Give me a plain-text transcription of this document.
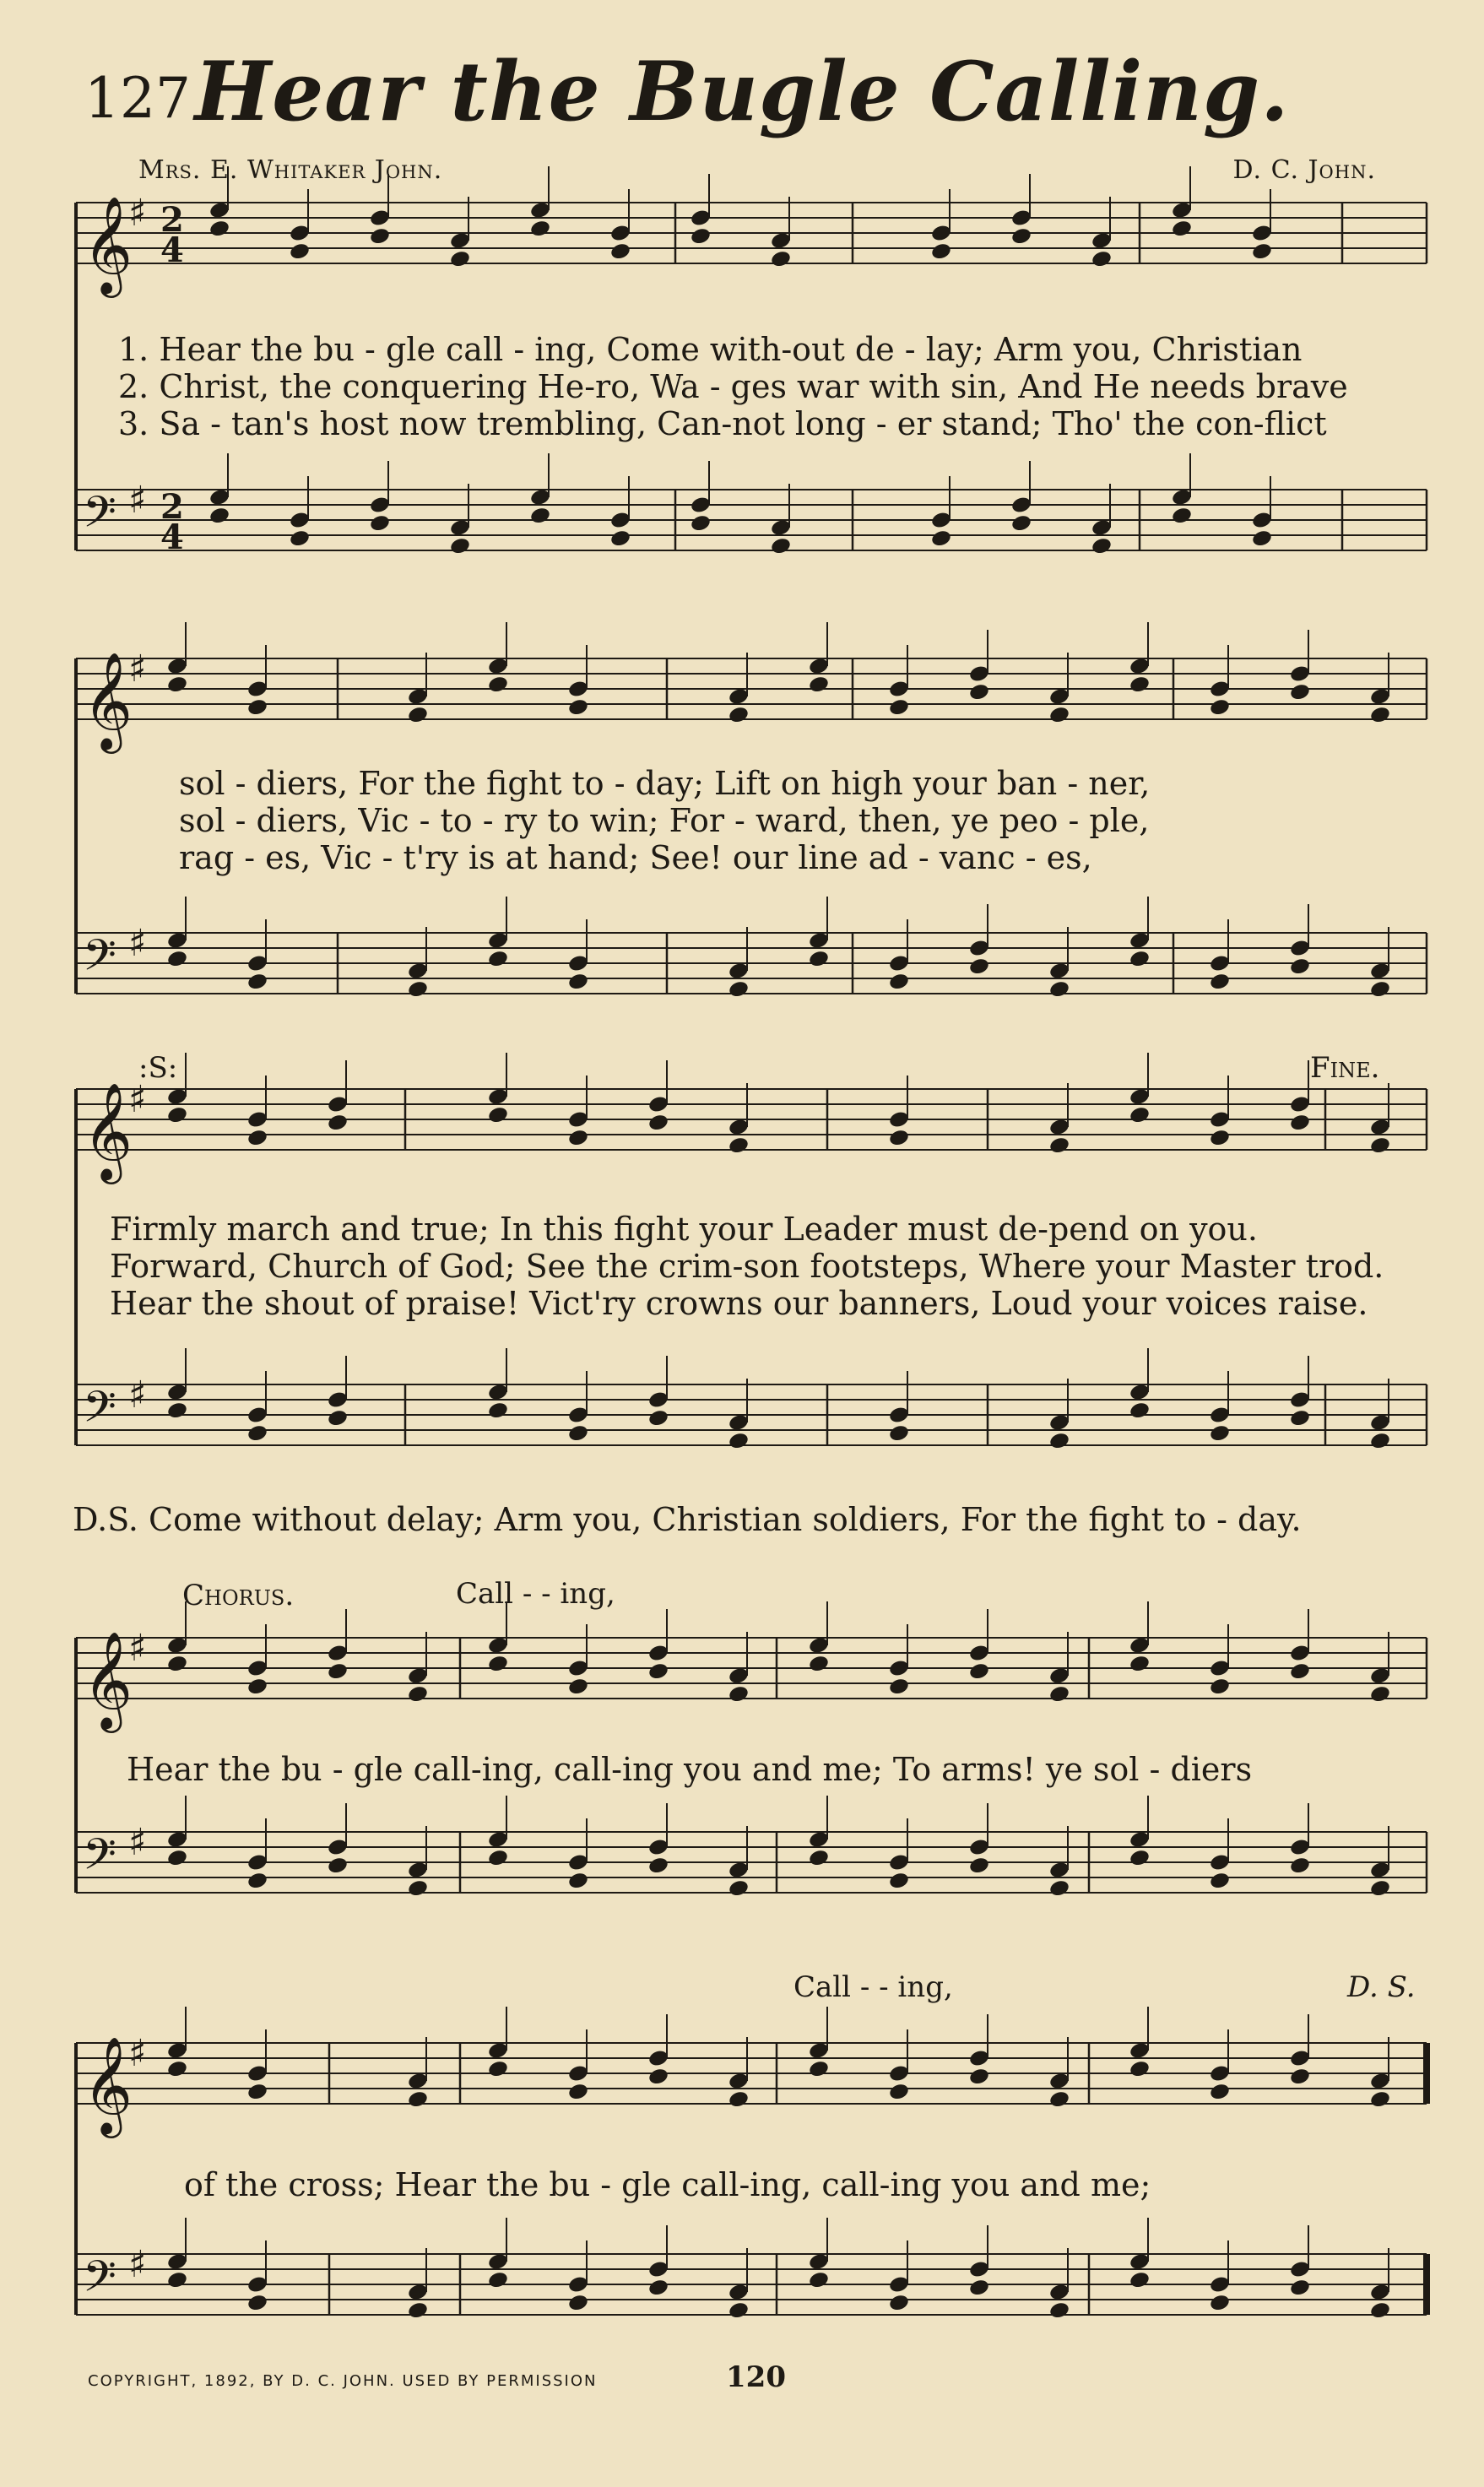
127 Hear the Bugle Calling.
Mrs. E. Whitaker John.	D. C. John.
𝄞
♯
𝄢 ♯
2
4
2
4
𝄞
♯
𝄢 ♯
𝄞
♯
𝄢 ♯
𝄞
♯
𝄢 ♯
𝄞
♯
𝄢 ♯
1. Hear the bu - gle call - ing, Come with-out de - lay; Arm you, Christian
2. Christ, the conquering He-ro, Wa - ges war with sin, And He needs brave
3. Sa - tan's host now trembling, Can-not long - er stand; Tho' the con-flict
sol - diers, For the fight to - day; Lift on high your ban - ner,
sol - diers, Vic - to - ry to win; For - ward, then, ye peo - ple,
rag - es, Vic - t'ry is at hand; See! our line ad - vanc - es,
Firmly march and true; In this fight your Leader must de-pend on you.
Forward, Church of God; See the crim-son footsteps, Where your Master trod.
Hear the shout of praise! Vict'ry crowns our banners, Loud your voices raise.
:S:	Fine.
D.S. Come without delay; Arm you, Christian soldiers, For the fight to - day.
Chorus.	Call - - ing,
Hear the bu - gle call-ing, call-ing you and me; To arms! ye sol - diers
Call - - ing,	D. S.
of the cross; Hear the bu - gle call-ing, call-ing you and me;
COPYRIGHT, 1892, BY D. C. JOHN. USED BY PERMISSION	120
